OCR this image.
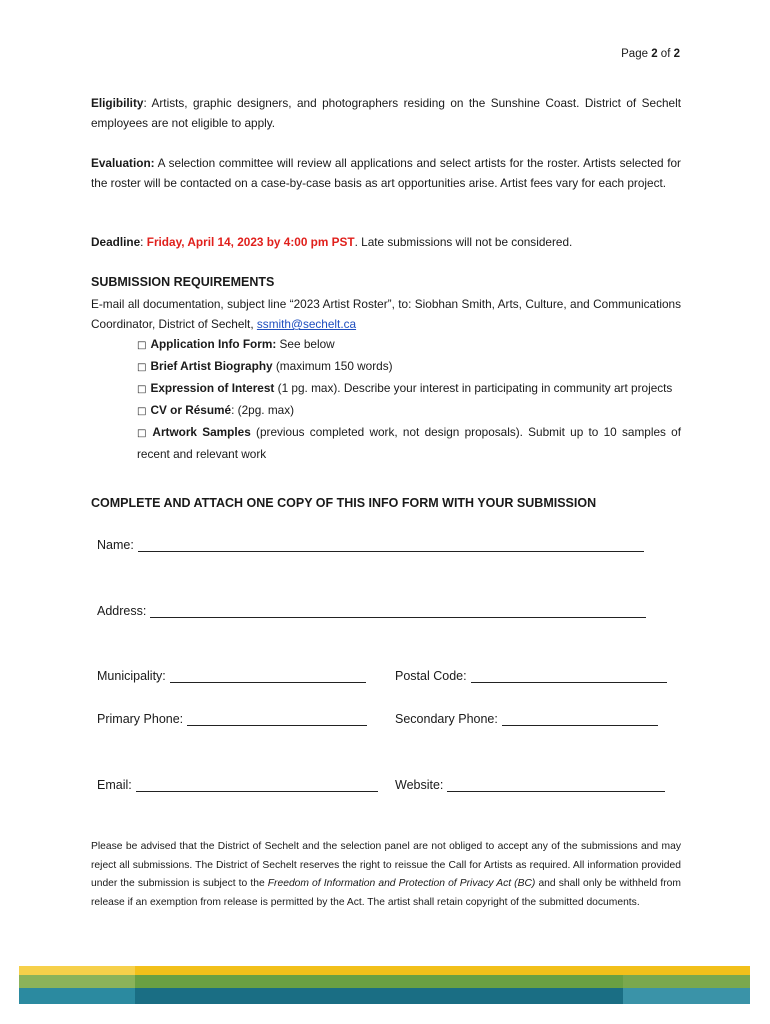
Page 2 of 2

Eligibility: Artists, graphic designers, and photographers residing on the Sunshine Coast. District of Sechelt employees are not eligible to apply.

Evaluation: A selection committee will review all applications and select artists for the roster. Artists selected for the roster will be contacted on a case-by-case basis as art opportunities arise. Artist fees vary for each project.

Deadline: Friday, April 14, 2023 by 4:00 pm PST. Late submissions will not be considered.

SUBMISSION REQUIREMENTS

E-mail all documentation, subject line “2023 Artist Roster”, to: Siobhan Smith, Arts, Culture, and Communications Coordinator, District of Sechelt, ssmith@sechelt.ca

□ Application Info Form: See below
□ Brief Artist Biography (maximum 150 words)
□ Expression of Interest (1 pg. max). Describe your interest in participating in community art projects
□ CV or Résumé: (2pg. max)
□ Artwork Samples (previous completed work, not design proposals). Submit up to 10 samples of recent and relevant work
COMPLETE AND ATTACH ONE COPY OF THIS INFO FORM WITH YOUR SUBMISSION
Name:
Address:
Municipality:	Postal Code:
Primary Phone:	Secondary Phone:
Email:	Website:

Please be advised that the District of Sechelt and the selection panel are not obliged to accept any of the submissions and may reject all submissions. The District of Sechelt reserves the right to reissue the Call for Artists as required. All information provided under the submission is subject to the Freedom of Information and Protection of Privacy Act (BC) and shall only be withheld from release if an exemption from release is permitted by the Act. The artist shall retain copyright of the submitted documents.
